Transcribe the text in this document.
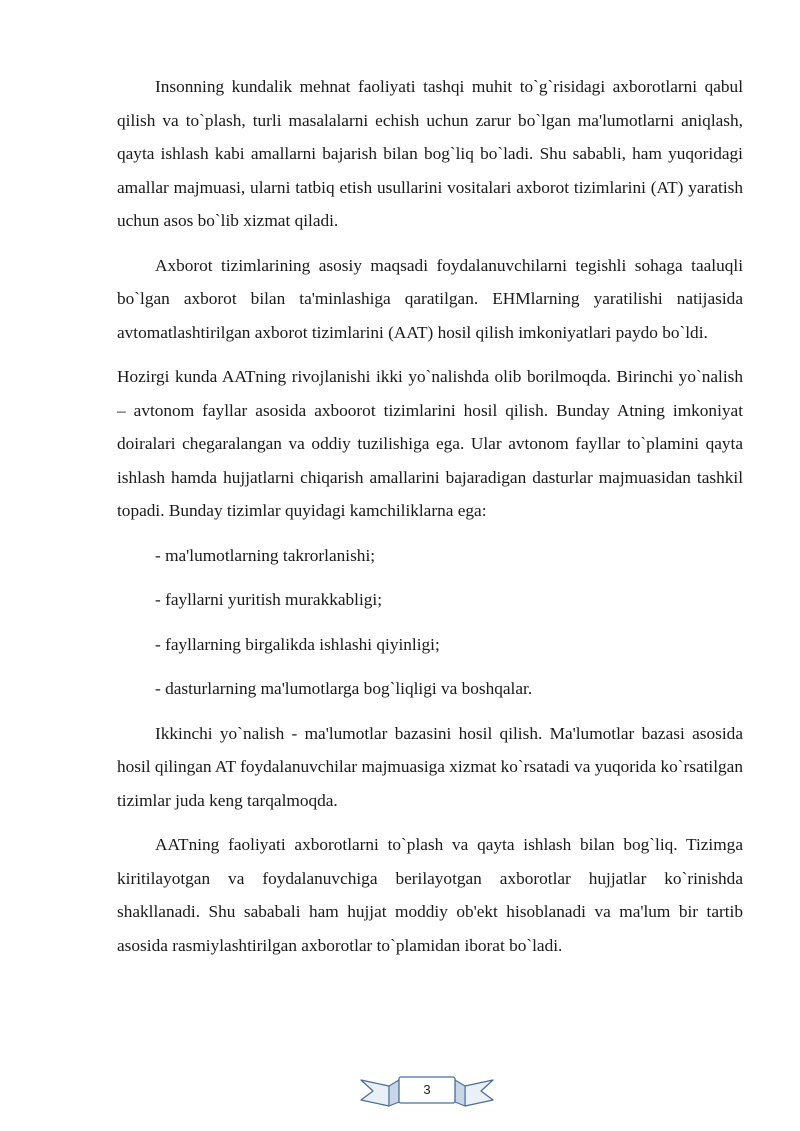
Insonning kundalik mehnat faoliyati tashqi muhit to`g`risidagi axborotlarni qabul qilish va to`plash, turli masalalarni echish uchun zarur bo`lgan ma'lumotlarni aniqlash, qayta ishlash kabi amallarni bajarish bilan bog`liq bo`ladi. Shu sababli, ham yuqoridagi amallar majmuasi, ularni tatbiq etish usullarini vositalari axborot tizimlarini (AT) yaratish uchun asos bo`lib xizmat qiladi.

Axborot tizimlarining asosiy maqsadi foydalanuvchilarni tegishli sohaga taaluqli bo`lgan axborot bilan ta'minlashiga qaratilgan. EHMlarning yaratilishi natijasida avtomatlashtirilgan axborot tizimlarini (AAT) hosil qilish imkoniyatlari paydo bo`ldi.

Hozirgi kunda AATning rivojlanishi ikki yo`nalishda olib borilmoqda. Birinchi yo`nalish – avtonom fayllar asosida axboorot tizimlarini hosil qilish. Bunday Atning imkoniyat doiralari chegaralangan va oddiy tuzilishiga ega. Ular avtonom fayllar to`plamini qayta ishlash hamda hujjatlarni chiqarish amallarini bajaradigan dasturlar majmuasidan tashkil topadi. Bunday tizimlar quyidagi kamchiliklarna ega:

- ma'lumotlarning takrorlanishi;

- fayllarni yuritish murakkabligi;

- fayllarning birgalikda ishlashi qiyinligi;

- dasturlarning ma'lumotlarga bog`liqligi va boshqalar.

Ikkinchi yo`nalish - ma'lumotlar bazasini hosil qilish. Ma'lumotlar bazasi asosida hosil qilingan AT foydalanuvchilar majmuasiga xizmat ko`rsatadi va yuqorida ko`rsatilgan tizimlar juda keng tarqalmoqda.

AATning faoliyati axborotlarni to`plash va qayta ishlash bilan bog`liq. Tizimga kiritilayotgan va foydalanuvchiga berilayotgan axborotlar hujjatlar ko`rinishda shakllanadi. Shu sababali ham hujjat moddiy ob'ekt hisoblanadi va ma'lum bir tartib asosida rasmiylashtirilgan axborotlar to`plamidan iborat bo`ladi.

3
